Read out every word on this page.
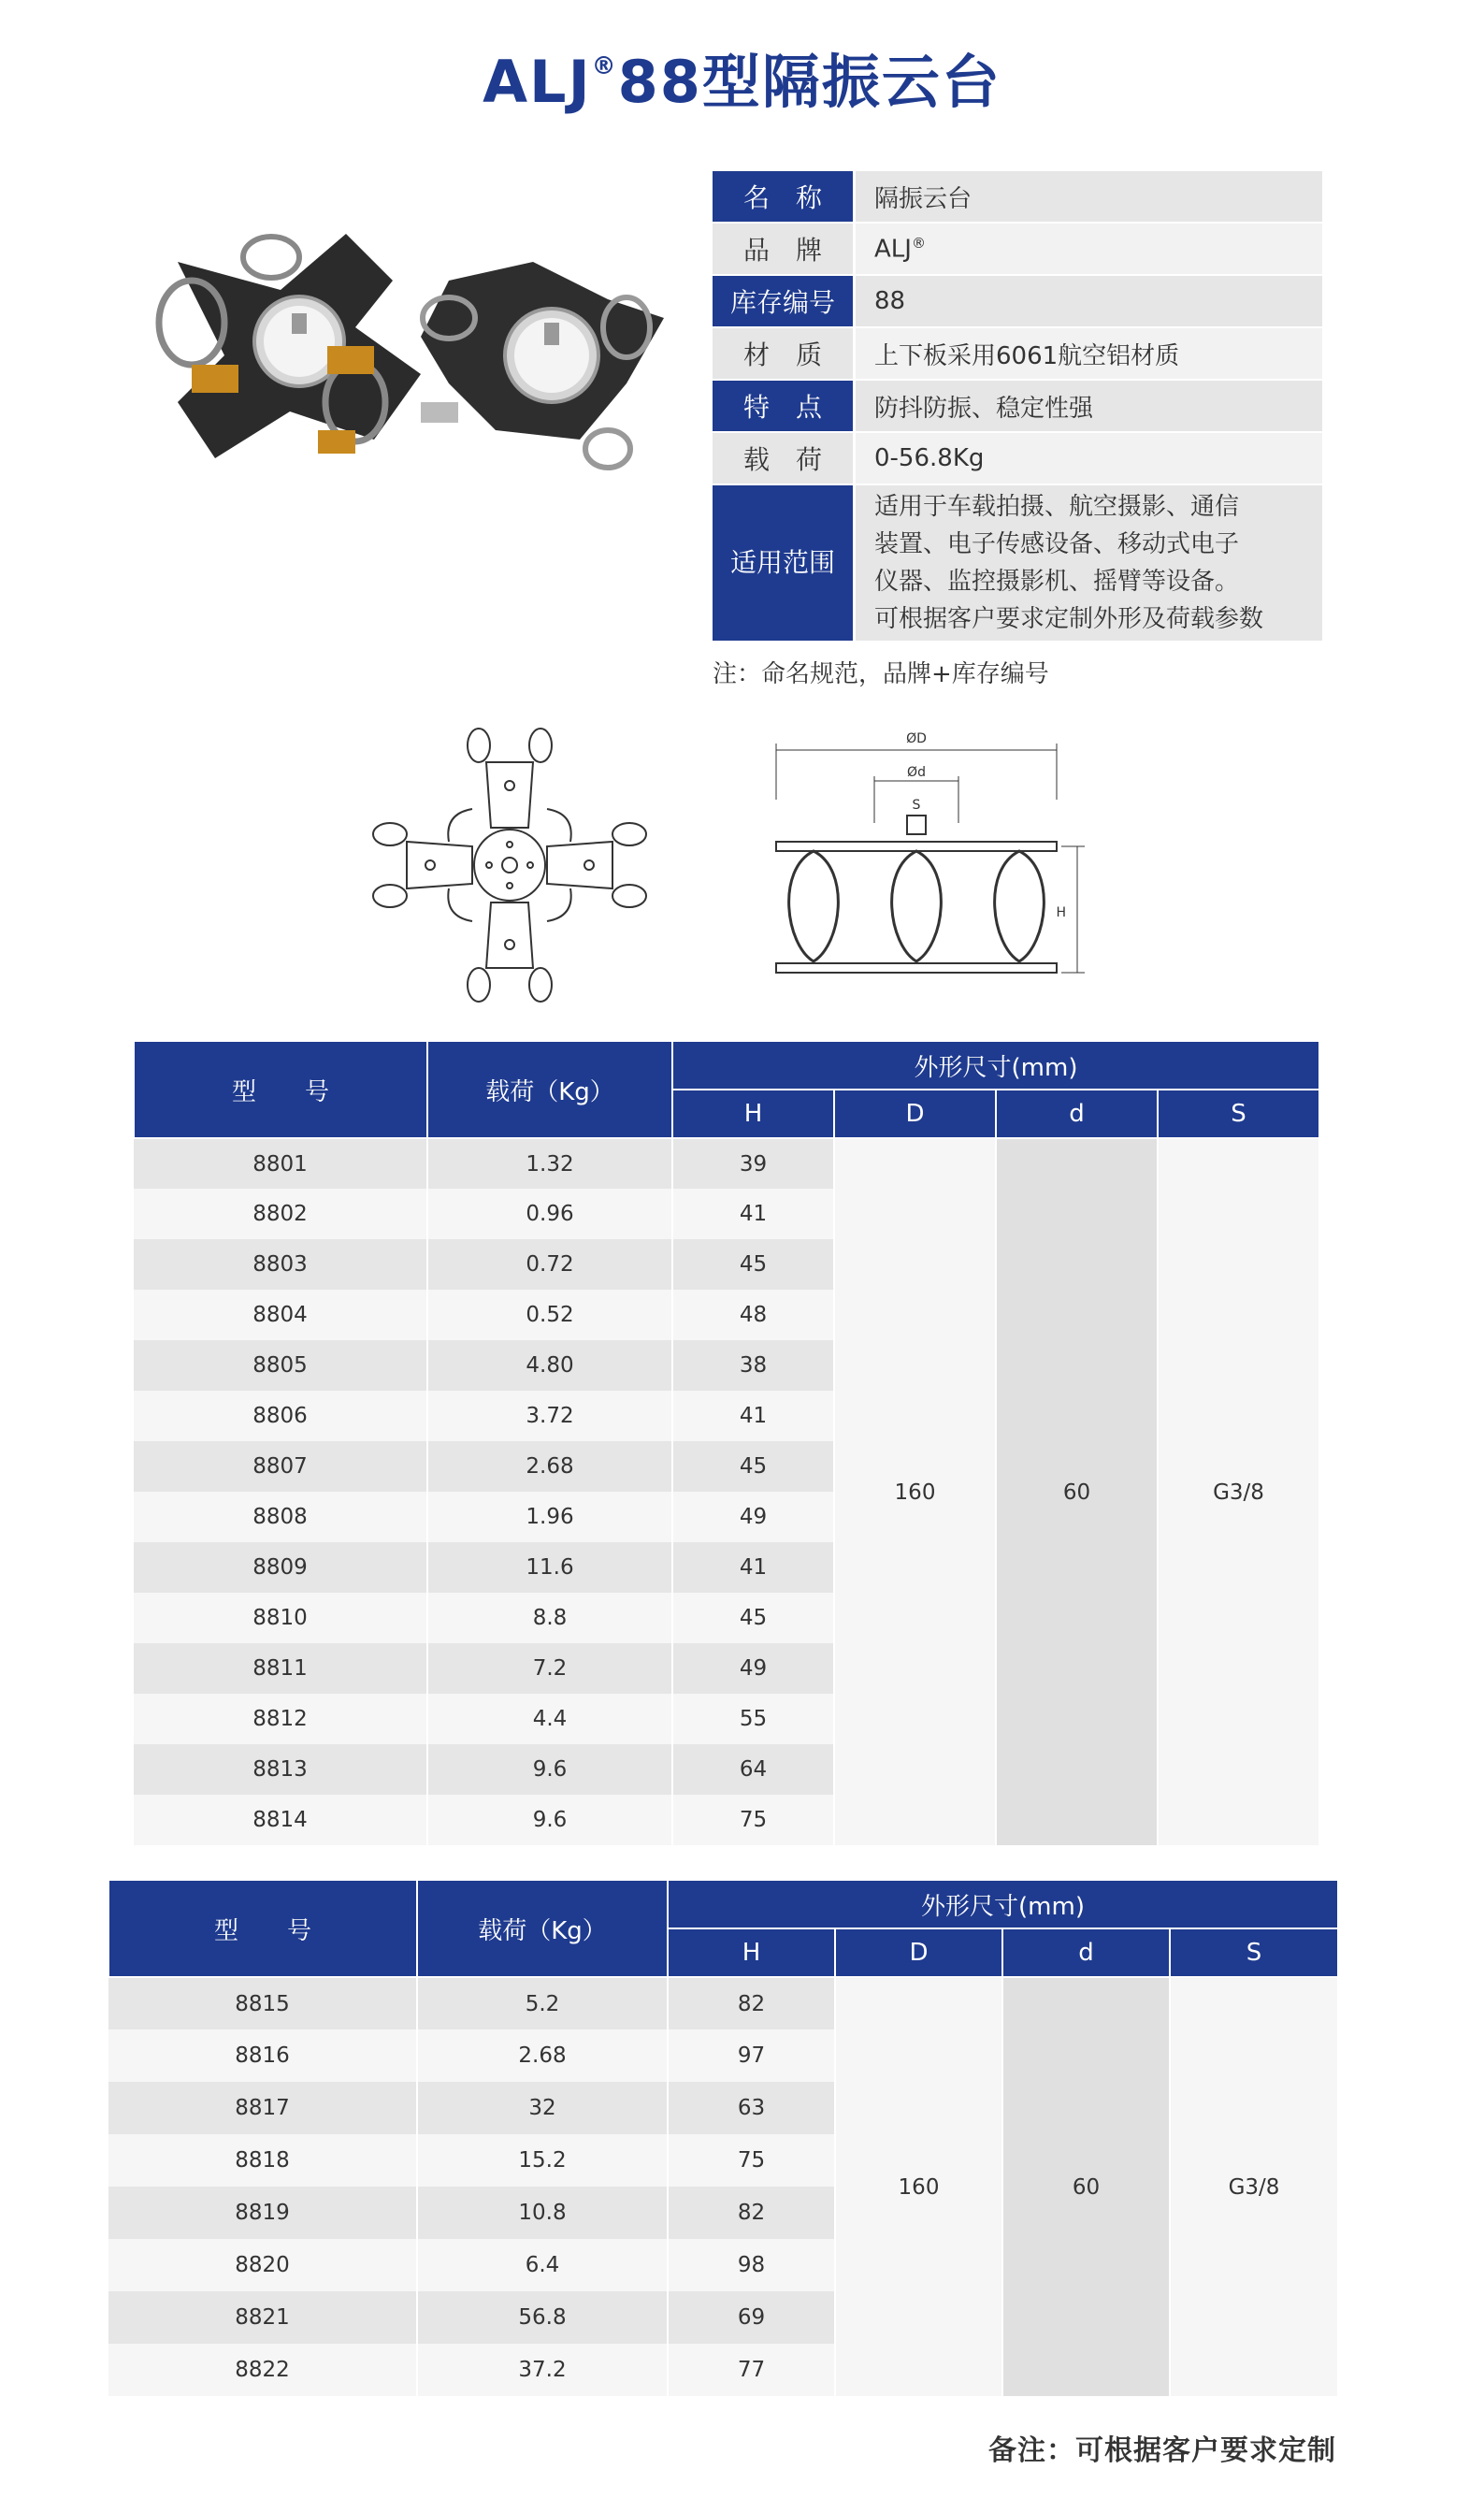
ALJ®88型隔振云台
名　称	隔振云台
品　牌	ALJ®
库存编号	88
材　质	上下板采用6061航空铝材质
特　点	防抖防振、稳定性强
载　荷	0-56.8Kg
适用范围	适用于车载拍摄、航空摄影、通信
装置、电子传感设备、移动式电子
仪器、监控摄影机、摇臂等设备。
可根据客户要求定制外形及荷载参数
注：命名规范，品牌+库存编号
ØD
Ød
S
H
型　　号	载荷（Kg）	外形尺寸(mm)			
		H	D	d	S
8801	1.32	39	160	60	G3/8
8802	0.96	41			
8803	0.72	45			
8804	0.52	48			
8805	4.80	38			
8806	3.72	41			
8807	2.68	45			
8808	1.96	49			
8809	11.6	41			
8810	8.8	45			
8811	7.2	49			
8812	4.4	55			
8813	9.6	64			
8814	9.6	75			
型　　号	载荷（Kg）	外形尺寸(mm)			
		H	D	d	S
8815	5.2	82	160	60	G3/8
8816	2.68	97			
8817	32	63			
8818	15.2	75			
8819	10.8	82			
8820	6.4	98			
8821	56.8	69			
8822	37.2	77			
备注：可根据客户要求定制
